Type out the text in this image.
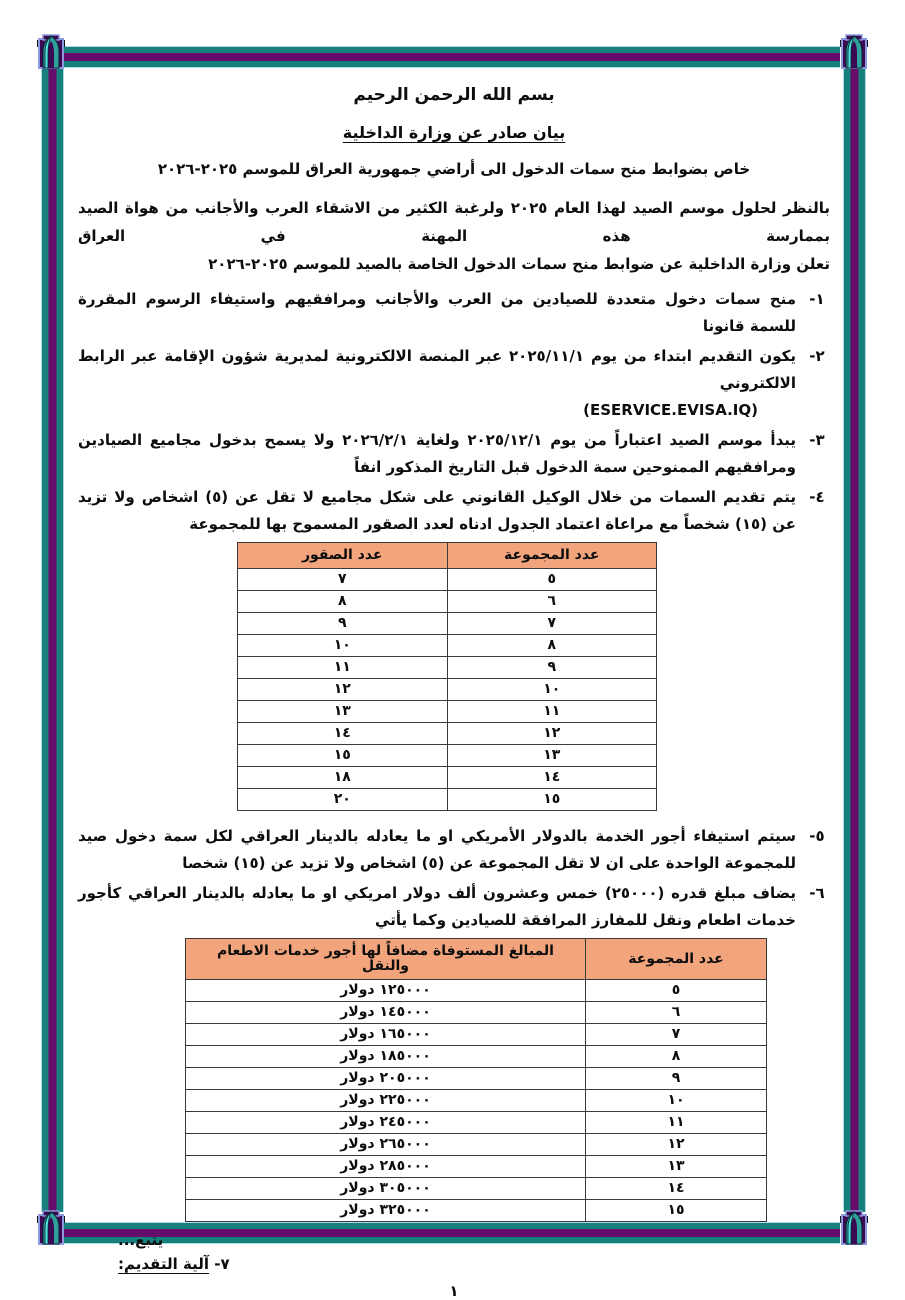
بسم الله الرحمن الرحيم
بيان صادر عن وزارة الداخلية
خاص بضوابط منح سمات الدخول الى أراضي جمهورية العراق للموسم ٢٠٢٥-٢٠٢٦
بالنظر لحلول موسم الصيد لهذا العام ٢٠٢٥ ولرغبة الكثير من الاشقاء العرب والأجانب من هواة الصيد بممارسة هذه المهنة في العراق
تعلن وزارة الداخلية عن ضوابط منح سمات الدخول الخاصة بالصيد للموسم ٢٠٢٥-٢٠٢٦
١-
منح سمات دخول متعددة للصيادين من العرب والأجانب ومرافقيهم واستيفاء الرسوم المقررة للسمة قانونا
٢-
يكون التقديم ابتداء من يوم ٢٠٢٥/١١/١ عبر المنصة الالكترونية لمديرية شؤون الإقامة عبر الرابط الالكتروني
(ESERVICE.EVISA.IQ)
٣-
يبدأ موسم الصيد اعتباراً من يوم ٢٠٢٥/١٢/١ ولغاية ٢٠٢٦/٢/١ ولا يسمح بدخول مجاميع الصيادين ومرافقيهم الممنوحين سمة الدخول قبل التاريخ المذكور انفاً
٤-
يتم تقديم السمات من خلال الوكيل القانوني على شكل مجاميع لا تقل عن (٥) اشخاص ولا تزيد عن (١٥) شخصاً مع مراعاة اعتماد الجدول ادناه لعدد الصقور المسموح بها للمجموعة
عدد المجموعة	عدد الصقور
٥	٧
٦	٨
٧	٩
٨	١٠
٩	١١
١٠	١٢
١١	١٣
١٢	١٤
١٣	١٥
١٤	١٨
١٥	٢٠
٥-
سيتم استيفاء أجور الخدمة بالدولار الأمريكي او ما يعادله بالدينار العراقي لكل سمة دخول صيد للمجموعة الواحدة على ان لا تقل المجموعة عن (٥) اشخاص ولا تزيد عن (١٥) شخصا
٦-
يضاف مبلغ قدره (٢٥٠٠٠) خمس وعشرون ألف دولار امريكي او ما يعادله بالدينار العراقي كأجور خدمات اطعام ونقل للمفارز المرافقة للصيادين وكما يأتي
عدد المجموعة	المبالغ المستوفاة مضافاً لها أجور خدمات الاطعام والنقل
٥	١٢٥٠٠٠ دولار
٦	١٤٥٠٠٠ دولار
٧	١٦٥٠٠٠ دولار
٨	١٨٥٠٠٠ دولار
٩	٢٠٥٠٠٠ دولار
١٠	٢٢٥٠٠٠ دولار
١١	٢٤٥٠٠٠ دولار
١٢	٢٦٥٠٠٠ دولار
١٣	٢٨٥٠٠٠ دولار
١٤	٣٠٥٠٠٠ دولار
١٥	٣٢٥٠٠٠ دولار
يتبع...
٧- آلية التقديم:
١
